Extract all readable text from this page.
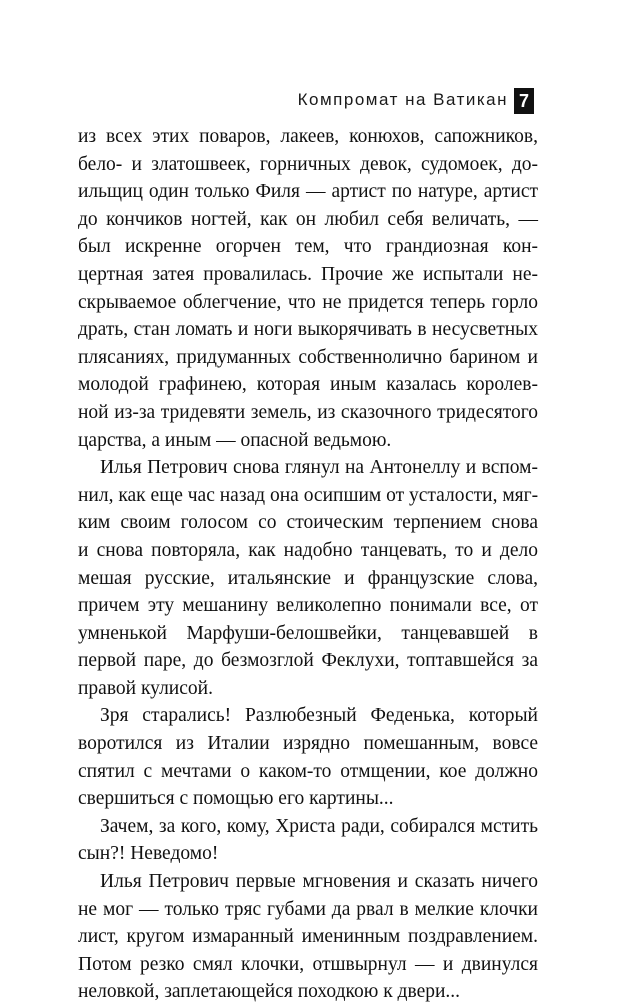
Компромат на Ватикан 7
из всех этих поваров, лакеев, конюхов, сапожников,
бело- и златошвеек, горничных девок, судомоек, до-
ильщиц один только Филя — артист по натуре, артист
до кончиков ногтей, как он любил себя величать, —
был искренне огорчен тем, что грандиозная кон-
цертная затея провалилась. Прочие же испытали не-
скрываемое облегчение, что не придется теперь горло
драть, стан ломать и ноги выкорячивать в несусветных
плясаниях, придуманных собственнолично барином и
молодой графинею, которая иным казалась королев-
ной из-за тридевяти земель, из сказочного тридесятого
царства, а иным — опасной ведьмою.
Илья Петрович снова глянул на Антонеллу и вспом-
нил, как еще час назад она осипшим от усталости, мяг-
ким своим голосом со стоическим терпением снова
и снова повторяла, как надобно танцевать, то и дело
мешая русские, итальянские и французские слова,
причем эту мешанину великолепно понимали все, от
умненькой Марфуши-белошвейки, танцевавшей в
первой паре, до безмозглой Феклухи, топтавшейся за
правой кулисой.
Зря старались! Разлюбезный Феденька, который
воротился из Италии изрядно помешанным, вовсе
спятил с мечтами о каком-то отмщении, кое должно
свершиться с помощью его картины...
Зачем, за кого, кому, Христа ради, собирался мстить
сын?! Неведомо!
Илья Петрович первые мгновения и сказать ничего
не мог — только тряс губами да рвал в мелкие клочки
лист, кругом измаранный именинным поздравлением.
Потом резко смял клочки, отшвырнул — и двинулся
неловкой, заплетающейся походкою к двери...
